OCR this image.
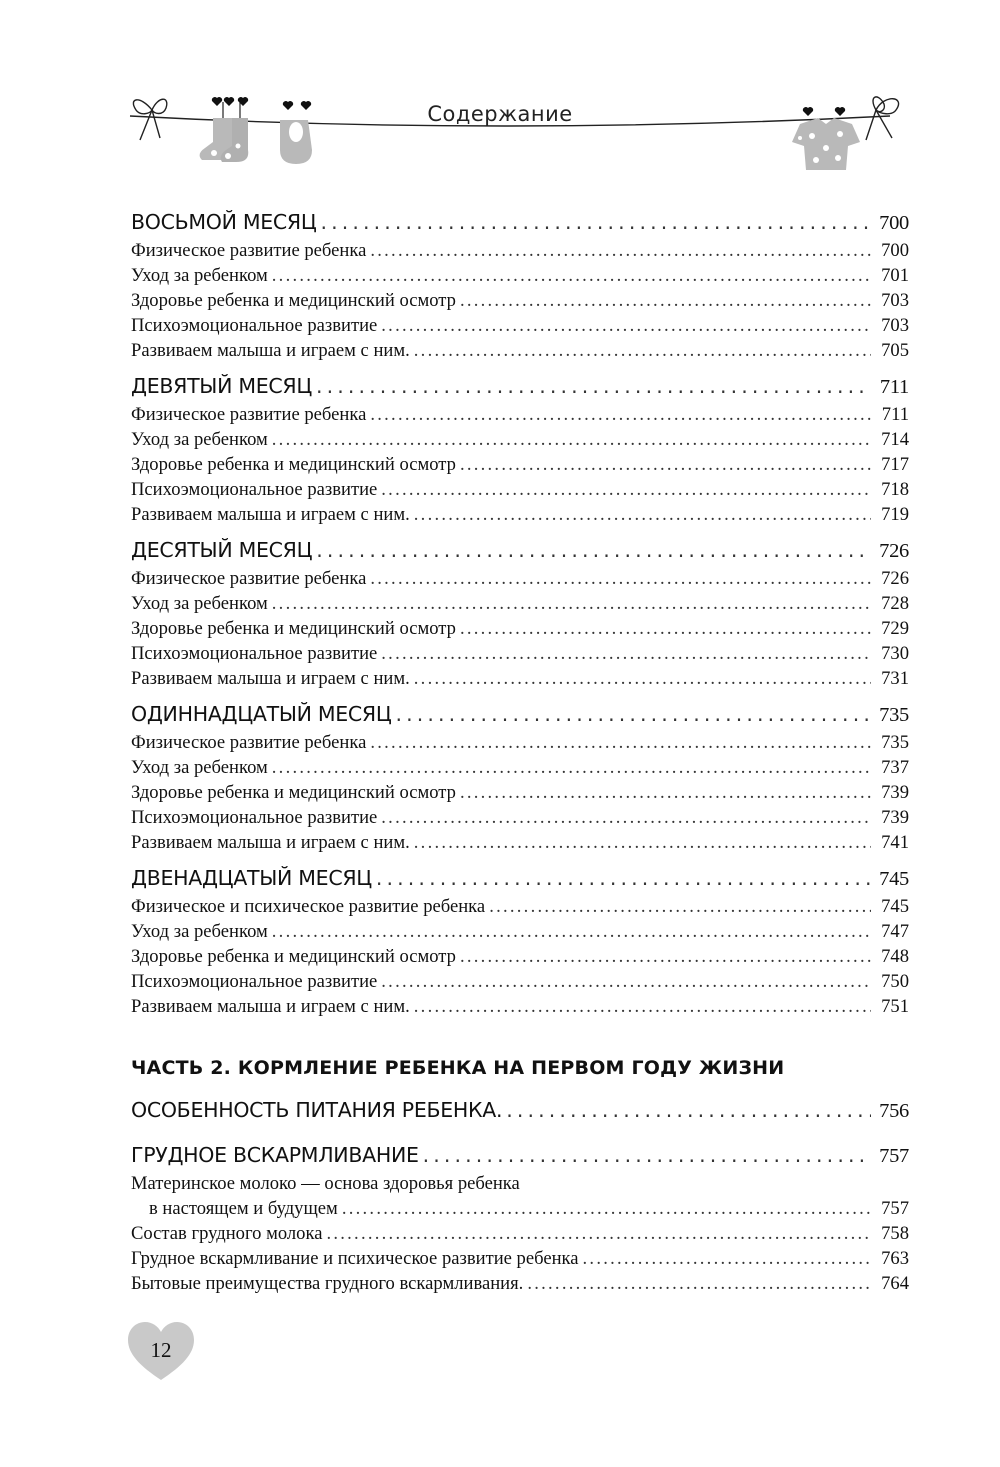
Содержание
ВОСЬМОЙ МЕСЯЦ . . .	700
Физическое развитие ребенка . . .	700
Уход за ребенком . . .	701
Здоровье ребенка и медицинский осмотр . . .	703
Психоэмоциональное развитие . . .	703
Развиваем малыша и играем с ним. . . .	705
ДЕВЯТЫЙ МЕСЯЦ . . .	711
Физическое развитие ребенка . . .	711
Уход за ребенком . . .	714
Здоровье ребенка и медицинский осмотр . . .	717
Психоэмоциональное развитие . . .	718
Развиваем малыша и играем с ним. . . .	719
ДЕСЯТЫЙ МЕСЯЦ . . .	726
Физическое развитие ребенка . . .	726
Уход за ребенком . . .	728
Здоровье ребенка и медицинский осмотр . . .	729
Психоэмоциональное развитие . . .	730
Развиваем малыша и играем с ним. . . .	731
ОДИННАДЦАТЫЙ МЕСЯЦ . . .	735
Физическое развитие ребенка . . .	735
Уход за ребенком . . .	737
Здоровье ребенка и медицинский осмотр . . .	739
Психоэмоциональное развитие . . .	739
Развиваем малыша и играем с ним. . . .	741
ДВЕНАДЦАТЫЙ МЕСЯЦ . . .	745
Физическое и психическое развитие ребенка . . .	745
Уход за ребенком . . .	747
Здоровье ребенка и медицинский осмотр . . .	748
Психоэмоциональное развитие . . .	750
Развиваем малыша и играем с ним. . . .	751
ЧАСТЬ 2. КОРМЛЕНИЕ РЕБЕНКА НА ПЕРВОМ ГОДУ ЖИЗНИ
ОСОБЕННОСТЬ ПИТАНИЯ РЕБЕНКА. . . .	756
ГРУДНОЕ ВСКАРМЛИВАНИЕ . . .	757
Материнское молоко — основа здоровья ребенка
в настоящем и будущем . . .	757
Состав грудного молока . . .	758
Грудное вскармливание и психическое развитие ребенка . . .	763
Бытовые преимущества грудного вскармливания. . . .	764
12
